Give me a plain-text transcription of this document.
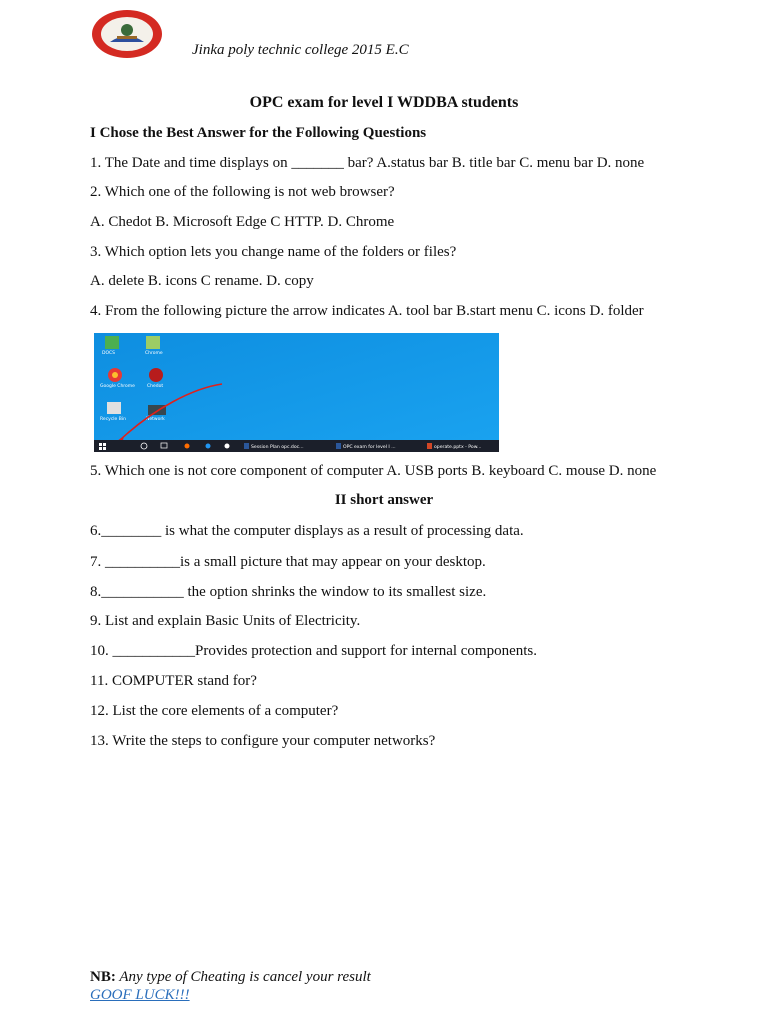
Jinka poly technic college 2015 E.C
OPC exam for level I WDDBA students
I Chose the Best Answer for the Following Questions
1. The Date and time displays on _______ bar? A.status bar B. title bar C. menu bar D. none
2. Which one of the following is not web browser?
A. Chedot B. Microsoft Edge C HTTP. D. Chrome
3. Which option lets you change name of the folders or files?
A. delete B. icons C rename. D. copy
4. From the following picture the arrow indicates A. tool bar B.start menu C. icons D. folder
DOCS	Chrome
Google Chrome	Chedot
Recycle Bin	Network
Session Plan opc.doc...	OPC exam for level I ...	operate.pptx - Pow...
5. Which one is not core component of computer A. USB ports B. keyboard C. mouse D. none
II short answer
6.________ is what the computer displays as a result of processing data.
7. __________is a small picture that may appear on your desktop.
8.___________ the option shrinks the window to its smallest size.
9. List and explain Basic Units of Electricity.
10. ___________Provides protection and support for internal components.
11. COMPUTER stand for?
12. List the core elements of a computer?
13. Write the steps to configure your computer networks?
NB: Any type of Cheating is cancel your result
GOOF LUCK!!!
